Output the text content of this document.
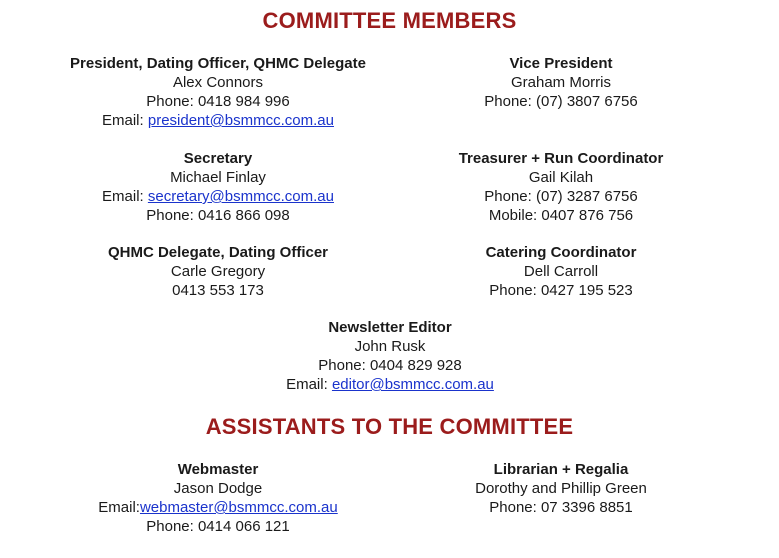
COMMITTEE MEMBERS
President, Dating Officer, QHMC Delegate
Alex Connors
Phone: 0418 984 996
Email: president@bsmmcc.com.au
Vice President
Graham Morris
Phone: (07) 3807 6756
Secretary
Michael Finlay
Email: secretary@bsmmcc.com.au
Phone: 0416 866 098
Treasurer + Run Coordinator
Gail Kilah
Phone: (07) 3287 6756
Mobile: 0407 876 756
QHMC Delegate, Dating Officer
Carle Gregory
0413 553 173
Catering Coordinator
Dell Carroll
Phone: 0427 195 523
Newsletter Editor
John Rusk
Phone: 0404 829 928
Email: editor@bsmmcc.com.au
ASSISTANTS TO THE COMMITTEE
Webmaster
Jason Dodge
Email:webmaster@bsmmcc.com.au
Phone: 0414 066 121
Librarian + Regalia
Dorothy and Phillip Green
Phone: 07 3396 8851
